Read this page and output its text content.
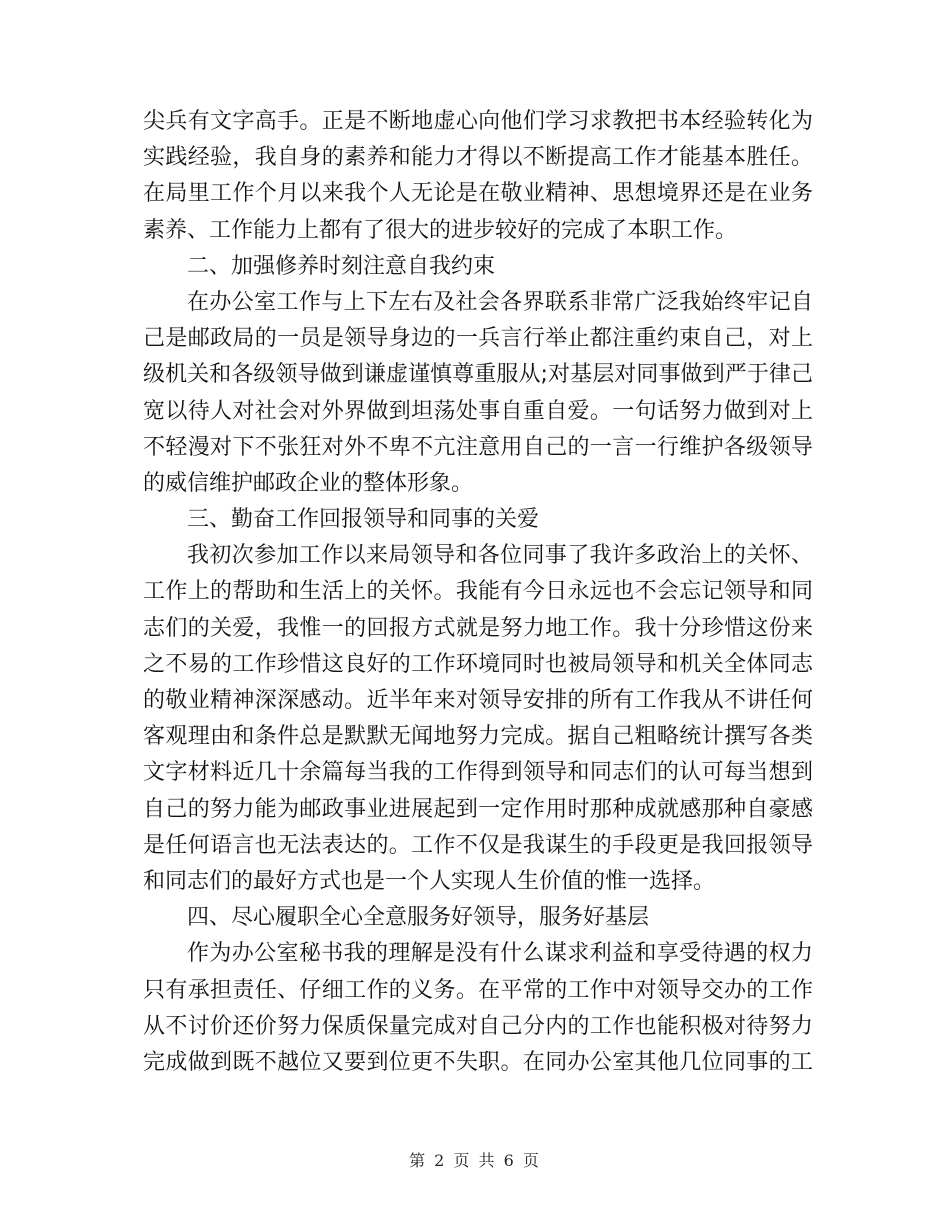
尖兵有文字高手。正是不断地虚心向他们学习求教把书本经验转化为
实践经验，我自身的素养和能力才得以不断提高工作才能基本胜任。
在局里工作个月以来我个人无论是在敬业精神、思想境界还是在业务
素养、工作能力上都有了很大的进步较好的完成了本职工作。
二、加强修养时刻注意自我约束
在办公室工作与上下左右及社会各界联系非常广泛我始终牢记自
己是邮政局的一员是领导身边的一兵言行举止都注重约束自己，对上
级机关和各级领导做到谦虚谨慎尊重服从;对基层对同事做到严于律己
宽以待人对社会对外界做到坦荡处事自重自爱。一句话努力做到对上
不轻漫对下不张狂对外不卑不亢注意用自己的一言一行维护各级领导
的威信维护邮政企业的整体形象。
三、勤奋工作回报领导和同事的关爱
我初次参加工作以来局领导和各位同事了我许多政治上的关怀、
工作上的帮助和生活上的关怀。我能有今日永远也不会忘记领导和同
志们的关爱，我惟一的回报方式就是努力地工作。我十分珍惜这份来
之不易的工作珍惜这良好的工作环境同时也被局领导和机关全体同志
的敬业精神深深感动。近半年来对领导安排的所有工作我从不讲任何
客观理由和条件总是默默无闻地努力完成。据自己粗略统计撰写各类
文字材料近几十余篇每当我的工作得到领导和同志们的认可每当想到
自己的努力能为邮政事业进展起到一定作用时那种成就感那种自豪感
是任何语言也无法表达的。工作不仅是我谋生的手段更是我回报领导
和同志们的最好方式也是一个人实现人生价值的惟一选择。
四、尽心履职全心全意服务好领导，服务好基层
作为办公室秘书我的理解是没有什么谋求利益和享受待遇的权力
只有承担责任、仔细工作的义务。在平常的工作中对领导交办的工作
从不讨价还价努力保质保量完成对自己分内的工作也能积极对待努力
完成做到既不越位又要到位更不失职。在同办公室其他几位同事的工
第 2 页 共 6 页
